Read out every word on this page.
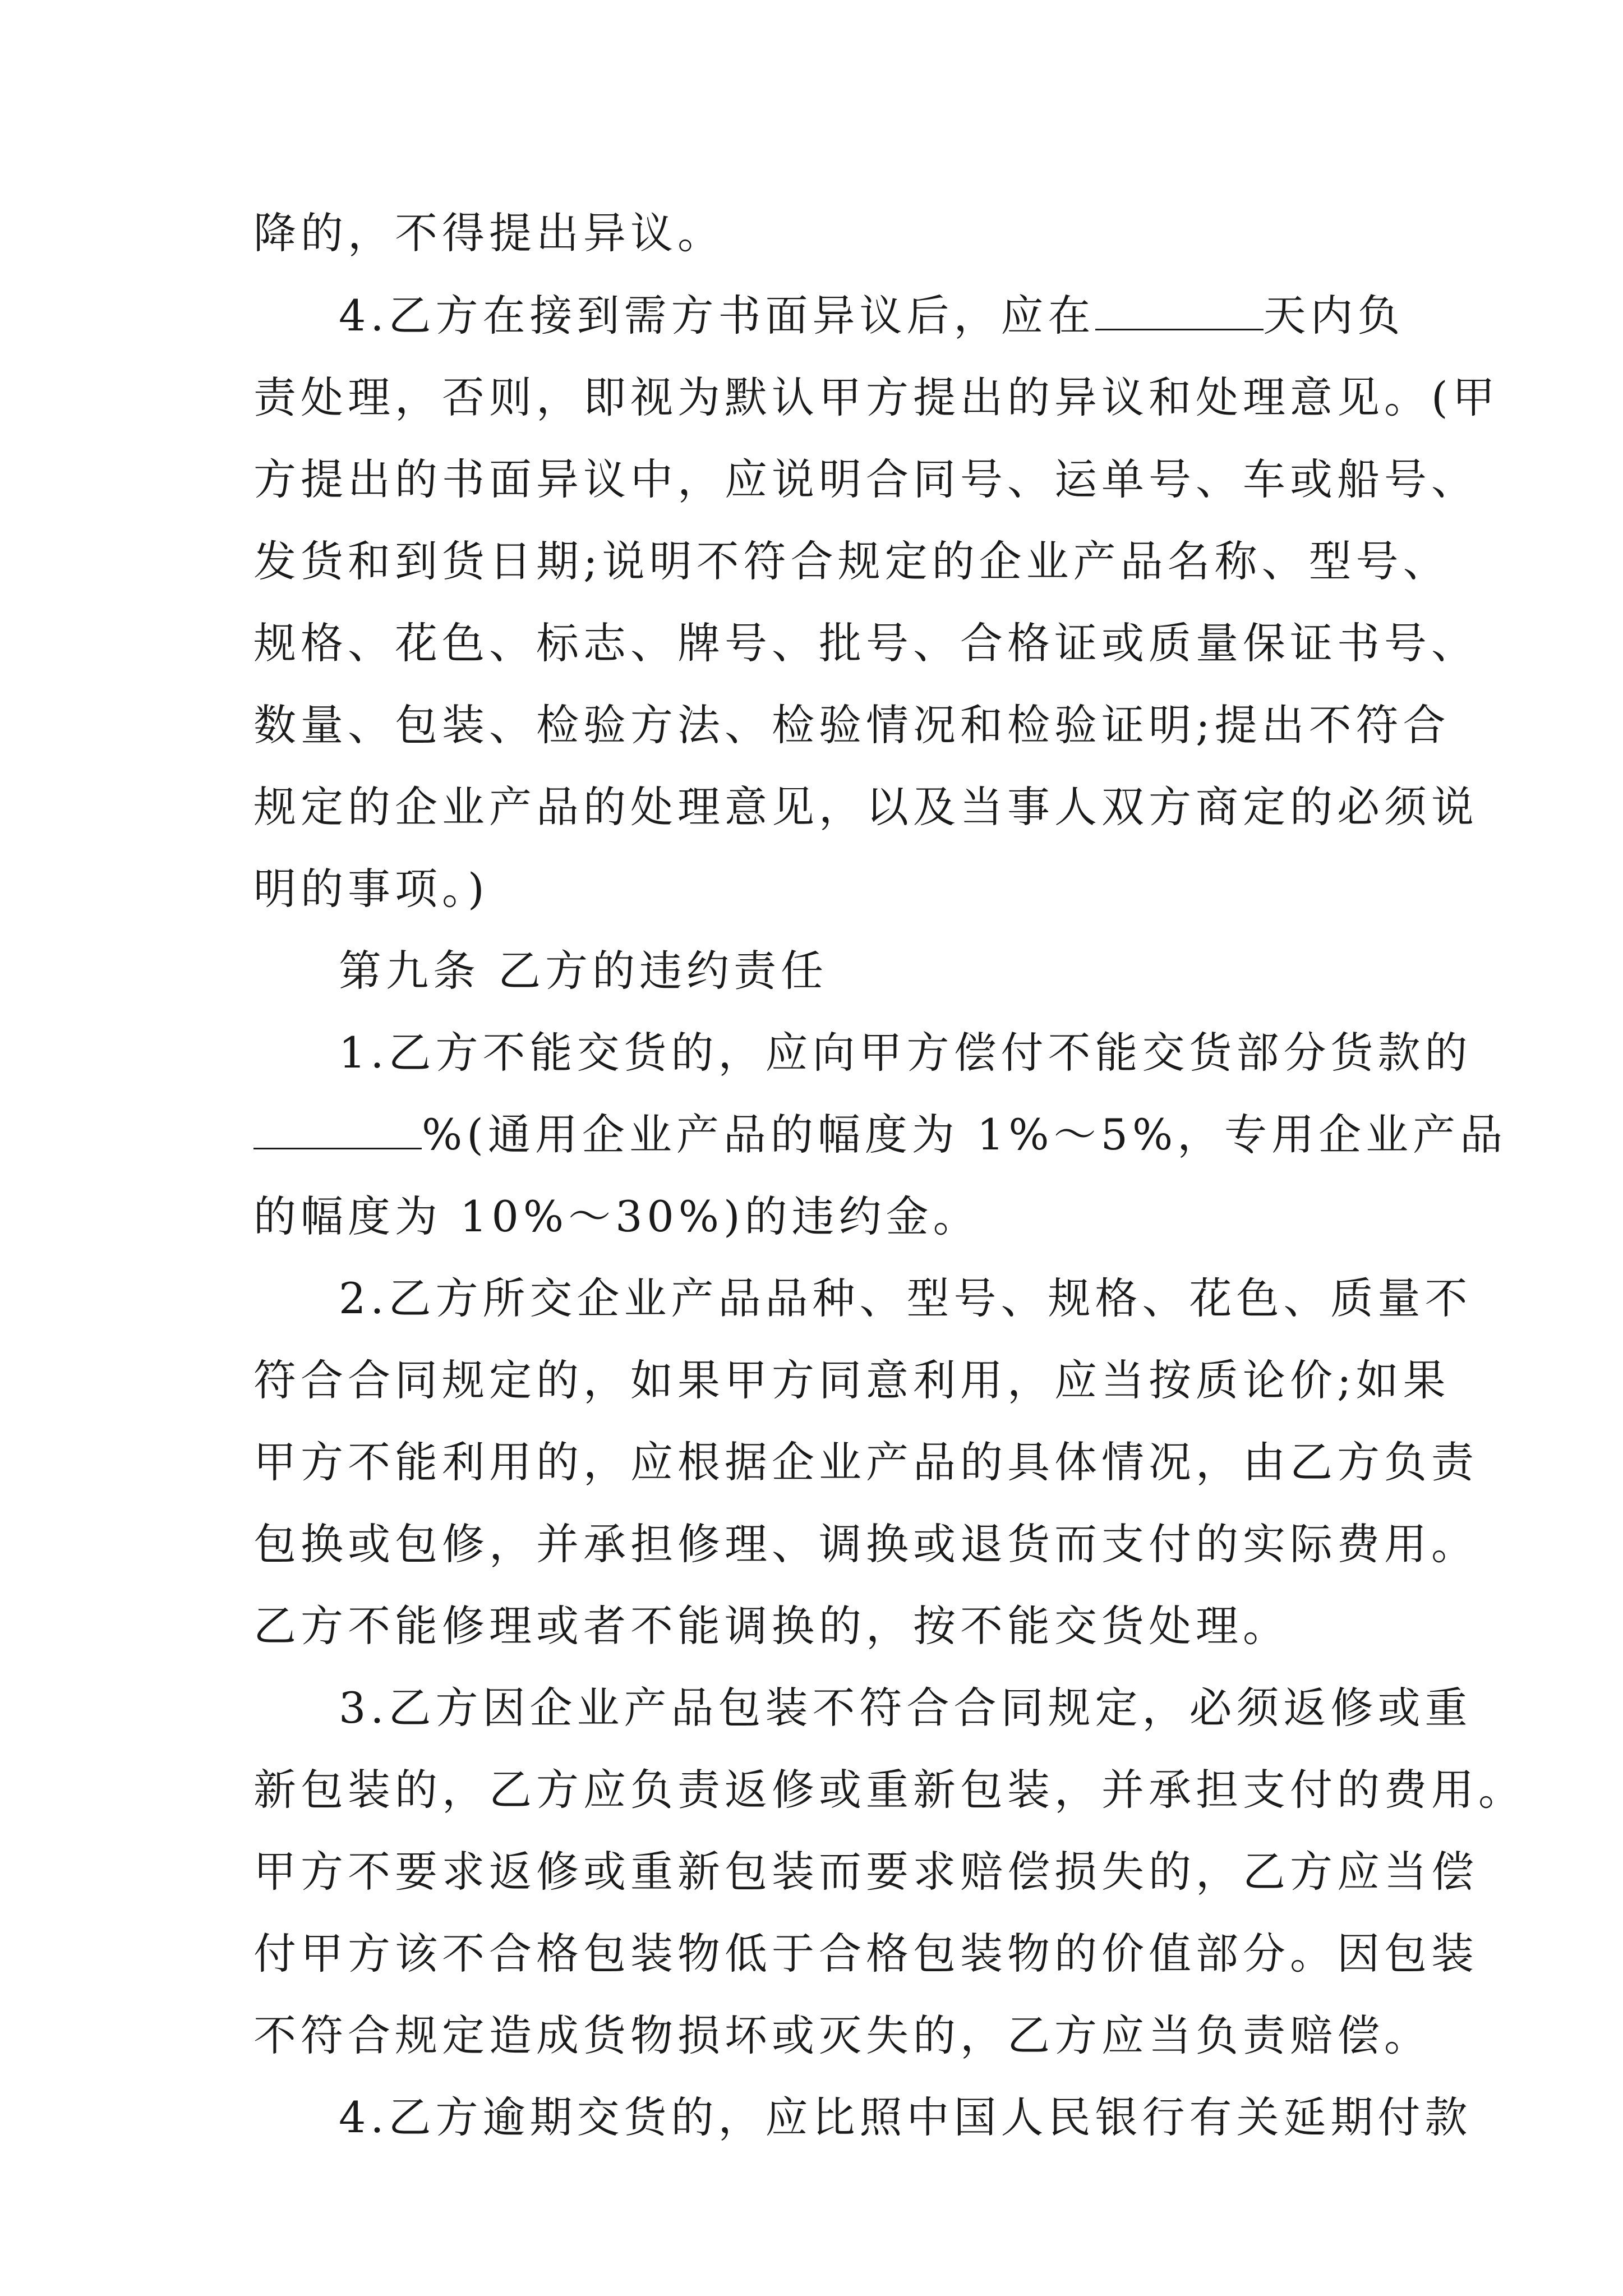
降的，不得提出异议。
4.乙方在接到需方书面异议后，应在	天内负
责处理，否则，即视为默认甲方提出的异议和处理意见。(甲
方提出的书面异议中，应说明合同号、运单号、车或船号、
发货和到货日期;说明不符合规定的企业产品名称、型号、
规格、花色、标志、牌号、批号、合格证或质量保证书号、
数量、包装、检验方法、检验情况和检验证明;提出不符合
规定的企业产品的处理意见，以及当事人双方商定的必须说
明的事项。)
第九条 乙方的违约责任
1.乙方不能交货的，应向甲方偿付不能交货部分货款的
%(通用企业产品的幅度为 1%～5%，专用企业产品
的幅度为 10%～30%)的违约金。
2.乙方所交企业产品品种、型号、规格、花色、质量不
符合合同规定的，如果甲方同意利用，应当按质论价;如果
甲方不能利用的，应根据企业产品的具体情况，由乙方负责
包换或包修，并承担修理、调换或退货而支付的实际费用。
乙方不能修理或者不能调换的，按不能交货处理。
3.乙方因企业产品包装不符合合同规定，必须返修或重
新包装的，乙方应负责返修或重新包装，并承担支付的费用。
甲方不要求返修或重新包装而要求赔偿损失的，乙方应当偿
付甲方该不合格包装物低于合格包装物的价值部分。因包装
不符合规定造成货物损坏或灭失的，乙方应当负责赔偿。
4.乙方逾期交货的，应比照中国人民银行有关延期付款
